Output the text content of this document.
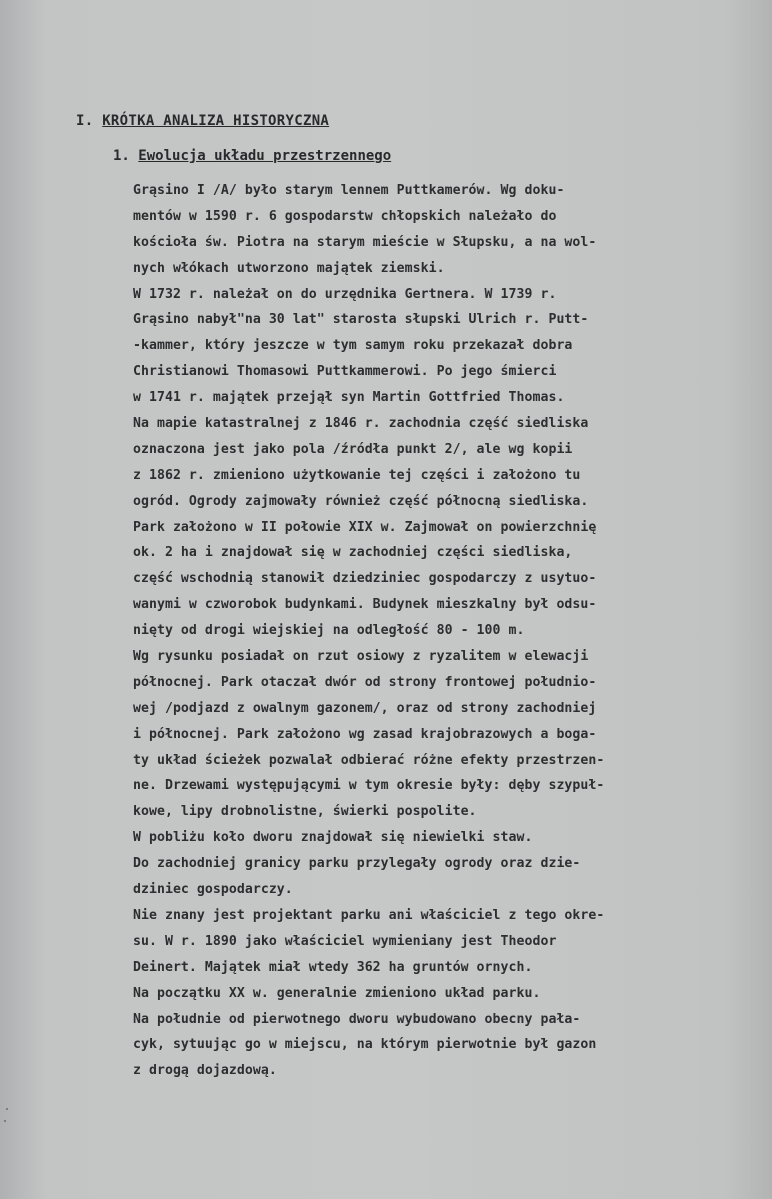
I. KRÓTKA ANALIZA HISTORYCZNA
1. Ewolucja układu przestrzennego
Grąsino I /A/ było starym lennem Puttkamerów. Wg doku-
mentów w 1590 r. 6 gospodarstw chłopskich należało do
kościoła św. Piotra na starym mieście w Słupsku, a na wol-
nych włókach utworzono majątek ziemski.
W 1732 r. należał on do urzędnika Gertnera. W 1739 r.
Grąsino nabył"na 30 lat" starosta słupski Ulrich r. Putt-
-kammer, który jeszcze w tym samym roku przekazał dobra
Christianowi Thomasowi Puttkammerowi. Po jego śmierci
w 1741 r. majątek przejął syn Martin Gottfried Thomas.
Na mapie katastralnej z 1846 r. zachodnia część siedliska
oznaczona jest jako pola /źródła punkt 2/, ale wg kopii
z 1862 r. zmieniono użytkowanie tej części i założono tu
ogród. Ogrody zajmowały również część północną siedliska.
Park założono w II połowie XIX w. Zajmował on powierzchnię
ok. 2 ha i znajdował się w zachodniej części siedliska,
część wschodnią stanowił dziedziniec gospodarczy z usytuo-
wanymi w czworobok budynkami. Budynek mieszkalny był odsu-
nięty od drogi wiejskiej na odległość 80 - 100 m.
Wg rysunku posiadał on rzut osiowy z ryzalitem w elewacji
północnej. Park otaczał dwór od strony frontowej południo-
wej /podjazd z owalnym gazonem/, oraz od strony zachodniej
i północnej. Park założono wg zasad krajobrazowych a boga-
ty układ ścieżek pozwalał odbierać różne efekty przestrzen-
ne. Drzewami występującymi w tym okresie były: dęby szypuł-
kowe, lipy drobnolistne, świerki pospolite.
W pobliżu koło dworu znajdował się niewielki staw.
Do zachodniej granicy parku przylegały ogrody oraz dzie-
dziniec gospodarczy.
Nie znany jest projektant parku ani właściciel z tego okre-
su. W r. 1890 jako właściciel wymieniany jest Theodor
Deinert. Majątek miał wtedy 362 ha gruntów ornych.
Na początku XX w. generalnie zmieniono układ parku.
Na południe od pierwotnego dworu wybudowano obecny pała-
cyk, sytuując go w miejscu, na którym pierwotnie był gazon
z drogą dojazdową.
